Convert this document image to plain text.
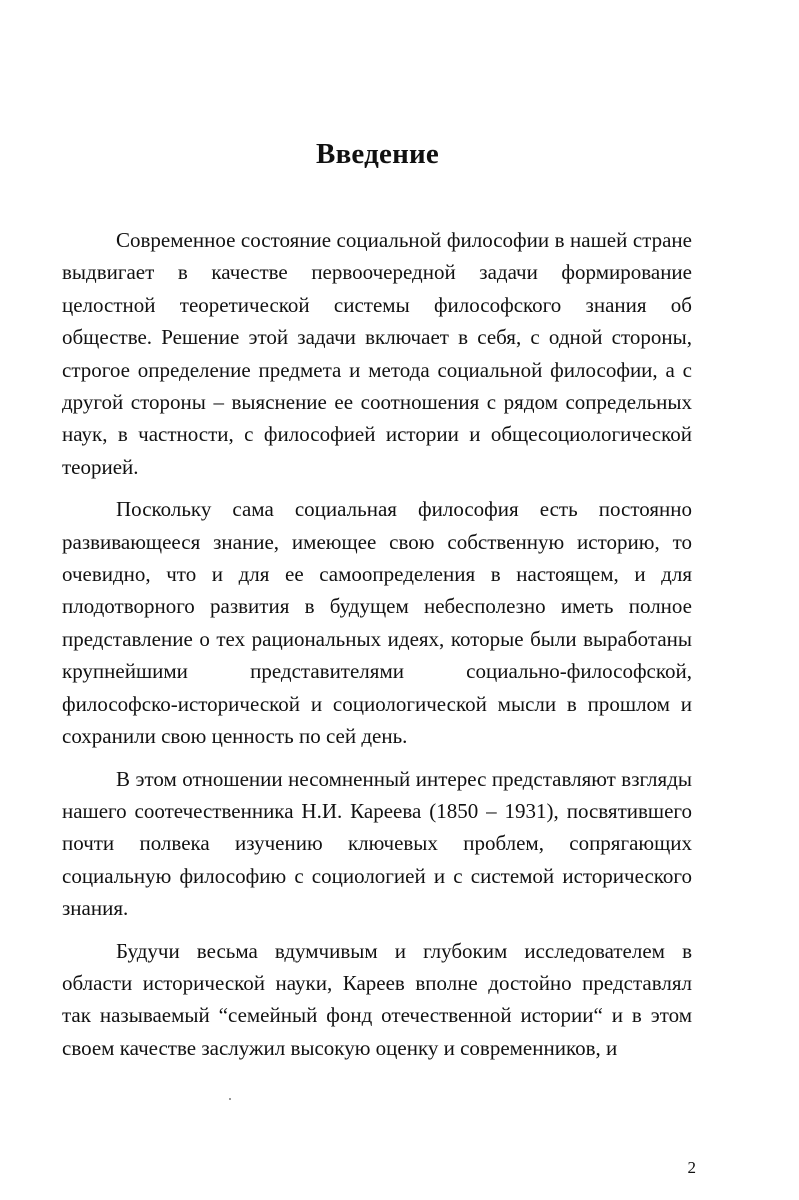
Введение

Современное состояние социальной философии в нашей стране выдвигает в качестве первоочередной задачи формирование целостной теоретической системы философского знания об обществе. Решение этой задачи включает в себя, с одной стороны, строгое определение предмета и метода социальной философии, а с другой стороны – выяснение ее соотношения с рядом сопредельных наук, в частности, с философией истории и общесоциологической теорией.

Поскольку сама социальная философия есть постоянно развивающееся знание, имеющее свою собственную историю, то очевидно, что и для ее самоопределения в настоящем, и для плодотворного развития в будущем небесполезно иметь полное представление о тех рациональных идеях, которые были выработаны крупнейшими представителями социально-философской, философско-исторической и социологической мысли в прошлом и сохранили свою ценность по сей день.

В этом отношении несомненный интерес представляют взгляды нашего соотечественника Н.И. Кареева (1850 – 1931), посвятившего почти полвека изучению ключевых проблем, сопрягающих социальную философию с социологией и с системой исторического знания.

Будучи весьма вдумчивым и глубоким исследователем в области исторической науки, Кареев вполне достойно представлял так называемый “семейный фонд отечественной истории“ и в этом своем качестве заслужил высокую оценку и современников, и

2
